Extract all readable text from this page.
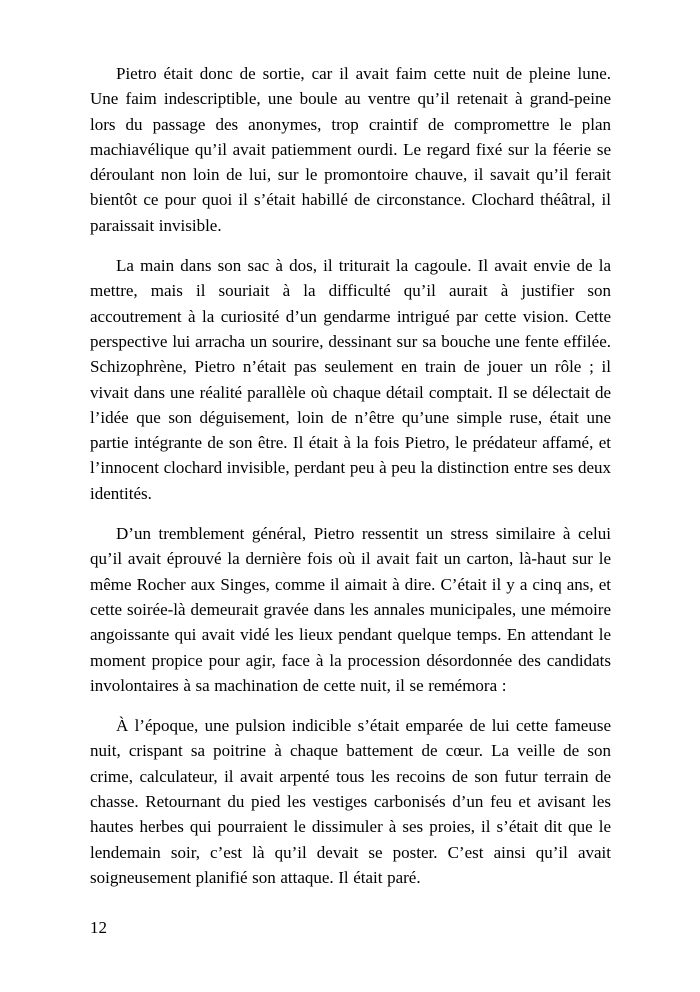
Pietro était donc de sortie, car il avait faim cette nuit de pleine lune. Une faim indescriptible, une boule au ventre qu’il retenait à grand-peine lors du passage des anonymes, trop craintif de compromettre le plan machiavélique qu’il avait patiemment ourdi. Le regard fixé sur la féerie se déroulant non loin de lui, sur le promontoire chauve, il savait qu’il ferait bientôt ce pour quoi il s’était habillé de circonstance. Clochard théâtral, il paraissait invisible.

La main dans son sac à dos, il triturait la cagoule. Il avait envie de la mettre, mais il souriait à la difficulté qu’il aurait à justifier son accoutrement à la curiosité d’un gendarme intrigué par cette vision. Cette perspective lui arracha un sourire, dessinant sur sa bouche une fente effilée. Schizophrène, Pietro n’était pas seulement en train de jouer un rôle ; il vivait dans une réalité parallèle où chaque détail comptait. Il se délectait de l’idée que son déguisement, loin de n’être qu’une simple ruse, était une partie intégrante de son être. Il était à la fois Pietro, le prédateur affamé, et l’innocent clochard invisible, perdant peu à peu la distinction entre ses deux identités.

D’un tremblement général, Pietro ressentit un stress similaire à celui qu’il avait éprouvé la dernière fois où il avait fait un carton, là-haut sur le même Rocher aux Singes, comme il aimait à dire. C’était il y a cinq ans, et cette soirée-là demeurait gravée dans les annales municipales, une mémoire angoissante qui avait vidé les lieux pendant quelque temps. En attendant le moment propice pour agir, face à la procession désordonnée des candidats involontaires à sa machination de cette nuit, il se remémora :

À l’époque, une pulsion indicible s’était emparée de lui cette fameuse nuit, crispant sa poitrine à chaque battement de cœur. La veille de son crime, calculateur, il avait arpenté tous les recoins de son futur terrain de chasse. Retournant du pied les vestiges carbonisés d’un feu et avisant les hautes herbes qui pourraient le dissimuler à ses proies, il s’était dit que le lendemain soir, c’est là qu’il devait se poster. C’est ainsi qu’il avait soigneusement planifié son attaque. Il était paré.

12
